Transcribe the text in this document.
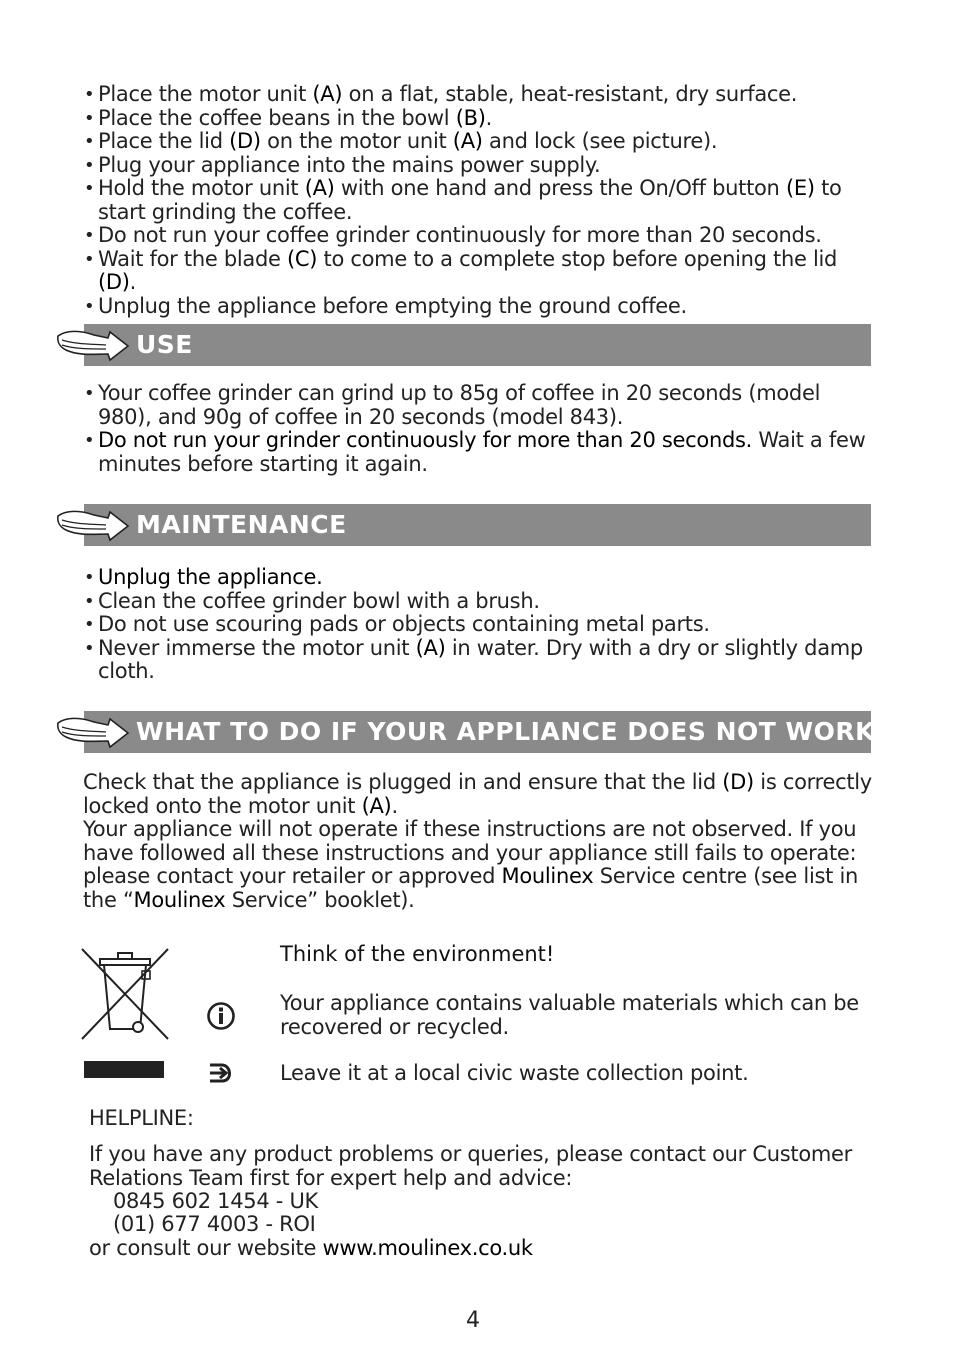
• Place the motor unit (A) on a flat, stable, heat-resistant, dry surface.
• Place the coffee beans in the bowl (B).
• Place the lid (D) on the motor unit (A) and lock (see picture).
• Plug your appliance into the mains power supply.
• Hold the motor unit (A) with one hand and press the On/Off button (E) to start grinding the coffee.
• Do not run your coffee grinder continuously for more than 20 seconds.
• Wait for the blade (C) to come to a complete stop before opening the lid (D).
• Unplug the appliance before emptying the ground coffee.
USE
• Your coffee grinder can grind up to 85g of coffee in 20 seconds (model 980), and 90g of coffee in 20 seconds (model 843).
• Do not run your grinder continuously for more than 20 seconds. Wait a few minutes before starting it again.
MAINTENANCE
• Unplug the appliance.
• Clean the coffee grinder bowl with a brush.
• Do not use scouring pads or objects containing metal parts.
• Never immerse the motor unit (A) in water. Dry with a dry or slightly damp cloth.
WHAT TO DO IF YOUR APPLIANCE DOES NOT WORK
Check that the appliance is plugged in and ensure that the lid (D) is correctly locked onto the motor unit (A).
Your appliance will not operate if these instructions are not observed. If you have followed all these instructions and your appliance still fails to operate: please contact your retailer or approved Moulinex Service centre (see list in the “Moulinex Service” booklet).
Think of the environment!
Your appliance contains valuable materials which can be recovered or recycled.
Leave it at a local civic waste collection point.
HELPLINE:
If you have any product problems or queries, please contact our Customer Relations Team first for expert help and advice:
0845 602 1454 - UK
(01) 677 4003 - ROI
or consult our website www.moulinex.co.uk
4
